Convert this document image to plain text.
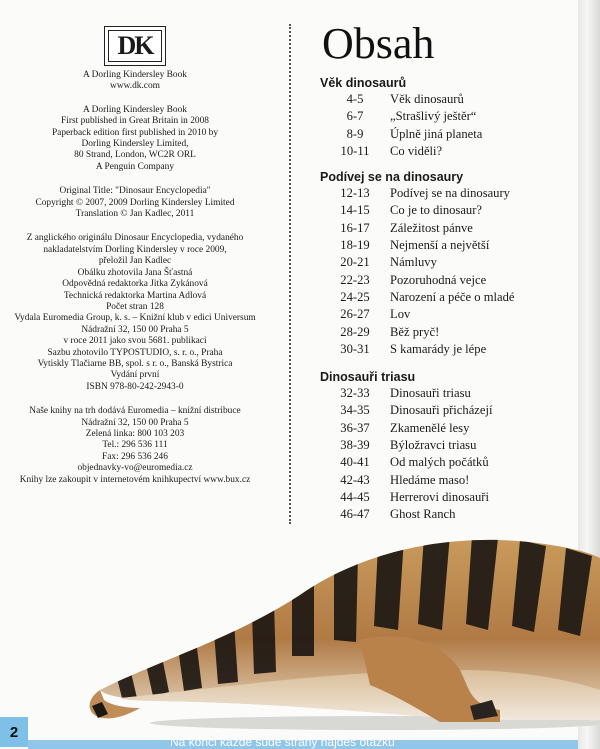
DK

A Dorling Kindersley Book

www.dk.com

A Dorling Kindersley Book

First published in Great Britain in 2008

Paperback edition first published in 2010 by

Dorling Kindersley Limited,

80 Strand, London, WC2R ORL

A Penguin Company

Original Title: "Dinosaur Encyclopedia"

Copyright © 2007, 2009 Dorling Kindersley Limited

Translation © Jan Kadlec, 2011

Z anglického originálu Dinosaur Encyclopedia, vydaného

nakladatelstvím Dorling Kindersley v roce 2009,

přeložil Jan Kadlec

Obálku zhotovila Jana Šťastná

Odpovědná redaktorka Jitka Zykánová

Technická redaktorka Martina Adlová

Počet stran 128

Vydala Euromedia Group, k. s. – Knižní klub v edici Universum

Nádražní 32, 150 00 Praha 5

v roce 2011 jako svou 5681. publikaci

Sazbu zhotovilo TYPOSTUDIO, s. r. o., Praha

Vytiskly Tlačiarne BB, spol. s r. o., Banská Bystrica

Vydání první

ISBN 978-80-242-2943-0

Naše knihy na trh dodává Euromedia – knižní distribuce

Nádražní 32, 150 00 Praha 5

Zelená linka: 800 103 203

Tel.: 296 536 111

Fax: 296 536 246

objednavky-vo@euromedia.cz

Knihy lze zakoupit v internetovém knihkupectví www.bux.cz

Obsah
Věk dinosaurů
4-5	Věk dinosaurů
6-7	„Strašlivý ještěr“
8-9	Úplně jiná planeta
10-11	Co viděli?
Podívej se na dinosaury
12-13	Podívej se na dinosaury
14-15	Co je to dinosaur?
16-17	Záležitost pánve
18-19	Nejmenší a největší
20-21	Námluvy
22-23	Pozoruhodná vejce
24-25	Narození a péče o mladé
26-27	Lov
28-29	Běž pryč!
30-31	S kamarády je lépe
Dinosauři triasu
32-33	Dinosauři triasu
34-35	Dinosauři přicházejí
36-37	Zkamenělé lesy
38-39	Býložravci triasu
40-41	Od malých počátků
42-43	Hledáme maso!
44-45	Herrerovi dinosauři
46-47	Ghost Ranch
Na konci každé sudé strany najdeš otázku
2
